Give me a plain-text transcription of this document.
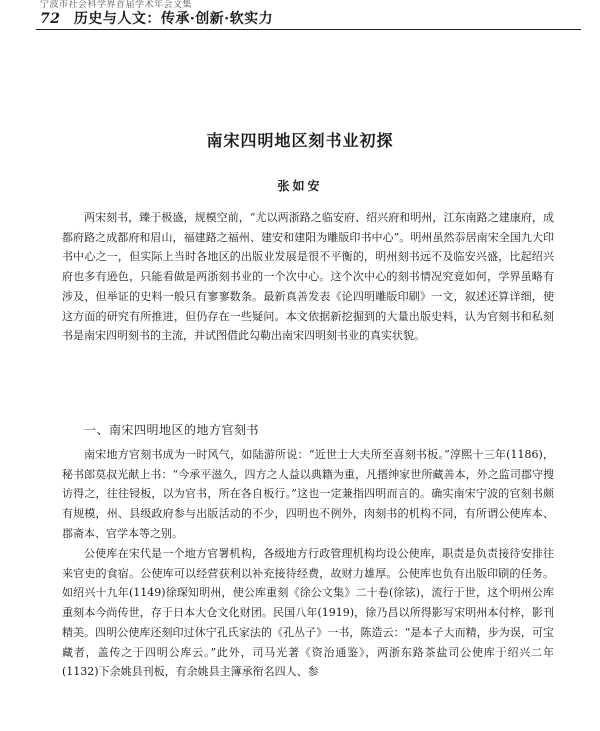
宁波市社会科学界首届学术年会文集
72 历史与人文：传承·创新·软实力
南宋四明地区刻书业初探
张如安

两宋刻书，臻于极盛，规模空前，“尤以两浙路之临安府、绍兴府和明州，江东南路之建康府，成都府路之成都府和眉山，福建路之福州、建安和建阳为雕版印书中心”。明州虽然忝居南宋全国九大印书中心之一，但实际上当时各地区的出版业发展是很不平衡的，明州刻书远不及临安兴盛，比起绍兴府也多有逊色，只能看做是两浙刻书业的一个次中心。这个次中心的刻书情况究竟如何，学界虽略有涉及，但举证的史料一般只有寥寥数条。最新真善发表《论四明雕版印刷》一文，叙述还算详细，使这方面的研究有所推进，但仍存在一些疑问。本文依据新挖掘到的大量出版史料，认为官刻书和私刻书是南宋四明刻书的主流，并试图借此勾勒出南宋四明刻书业的真实状貌。

一、南宋四明地区的地方官刻书

南宋地方官刻书成为一时风气，如陆游所说：“近世士大夫所至喜刻书板。”淳熙十三年(1186)，秘书郎莫叔光献上书：“今承平滋久，四方之人益以典籍为重，凡搢绅家世所藏善本，外之监司郡守搜访得之，往往锓板，以为官书，所在各自板行。”这也一定兼指四明而言的。确实南宋宁波的官刻书颇有规模，州、县级政府参与出版活动的不少，四明也不例外，肉刻书的机构不同，有所谓公使库本、郡斋本、官学本等之别。

公使库在宋代是一个地方官署机构，各级地方行政管理机构均设公使库，职责是负责接待安排往来官吏的食宿。公使库可以经营获利以补充接待经费，故财力雄厚。公使库也负有出版印刷的任务。如绍兴十九年(1149)徐琛知明州，使公库重刻《徐公文集》二十卷(徐铉)，流行于世，这个明州公库重刻本今尚传世，存于日本大仓文化财团。民国八年(1919)，徐乃昌以所得影写宋明州本付梓，影刊精美。四明公使库还刻印过休宁孔氏家法的《孔丛子》一书，陈造云：“是本子大而精，步为误，可宝藏者，盖传之于四明公库云。”此外，司马光著《资治通鉴》，两浙东路茶盐司公使库于绍兴二年(1132)下余姚县刊板，有余姚县主簿承衔名四人、参
